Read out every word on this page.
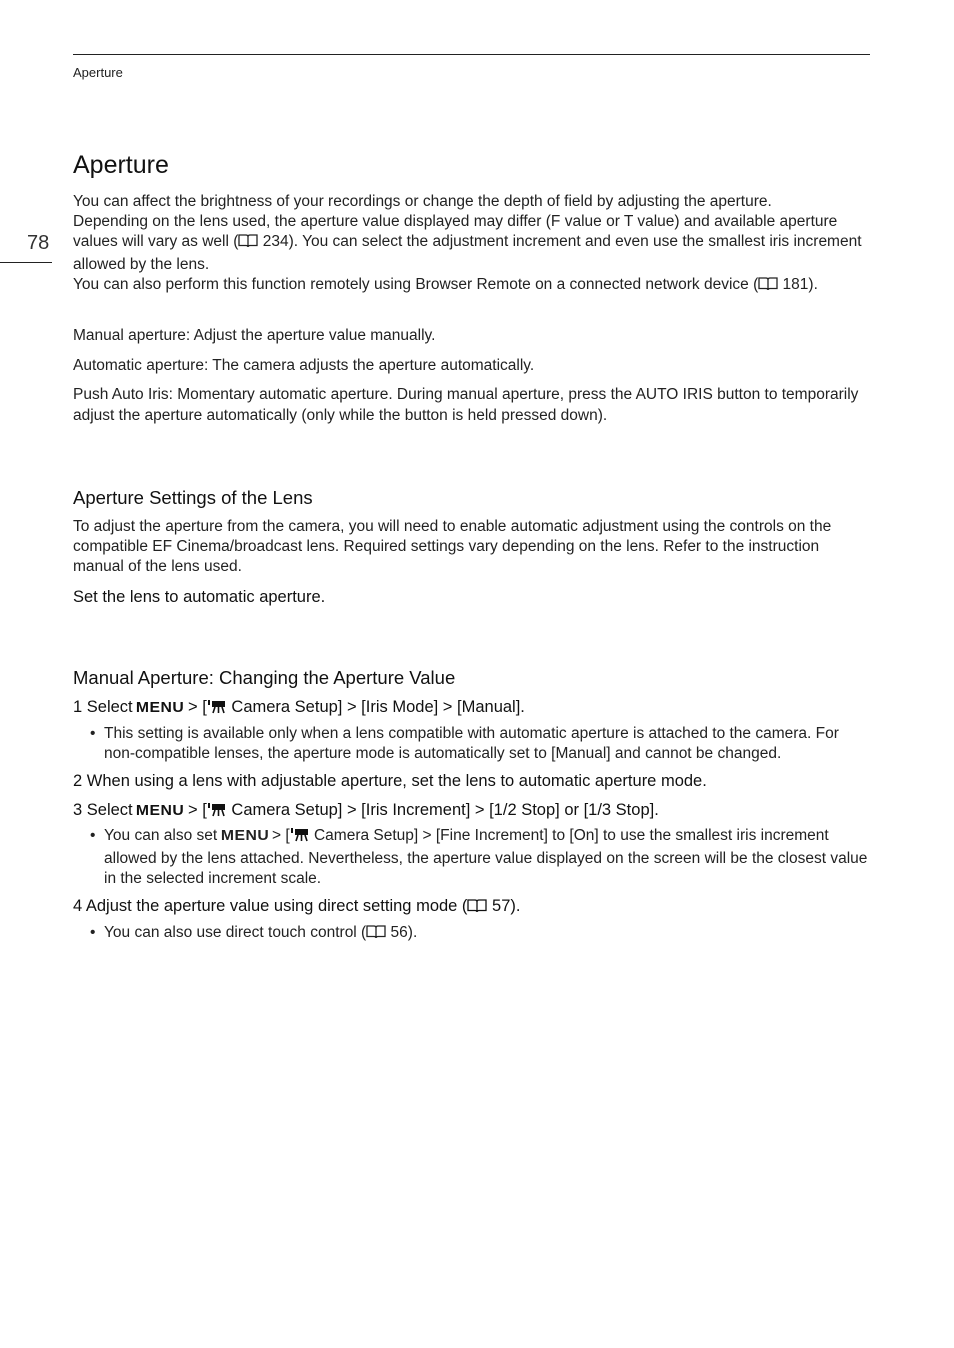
Aperture
78
Aperture

You can affect the brightness of your recordings or change the depth of field by adjusting the aperture.

Depending on the lens used, the aperture value displayed may differ (F value or T value) and available aperture values will vary as well ( 234). You can select the adjustment increment and even use the smallest iris increment allowed by the lens.

You can also perform this function remotely using Browser Remote on a connected network device ( 181).

Manual aperture: Adjust the aperture value manually.

Automatic aperture: The camera adjusts the aperture automatically.

Push Auto Iris: Momentary automatic aperture. During manual aperture, press the AUTO IRIS button to temporarily adjust the aperture automatically (only while the button is held pressed down).

Aperture Settings of the Lens

To adjust the aperture from the camera, you will need to enable automatic adjustment using the controls on the compatible EF Cinema/broadcast lens. Required settings vary depending on the lens. Refer to the instruction manual of the lens used.

Set the lens to automatic aperture.

Manual Aperture: Changing the Aperture Value

1 Select MENU > [ Camera Setup] > [Iris Mode] > [Manual].

• This setting is available only when a lens compatible with automatic aperture is attached to the camera. For non-compatible lenses, the aperture mode is automatically set to [Manual] and cannot be changed.

2 When using a lens with adjustable aperture, set the lens to automatic aperture mode.

3 Select MENU > [ Camera Setup] > [Iris Increment] > [1/2 Stop] or [1/3 Stop].

• You can also set MENU > [ Camera Setup] > [Fine Increment] to [On] to use the smallest iris increment allowed by the lens attached. Nevertheless, the aperture value displayed on the screen will be the closest value in the selected increment scale.

4 Adjust the aperture value using direct setting mode ( 57).

• You can also use direct touch control ( 56).
